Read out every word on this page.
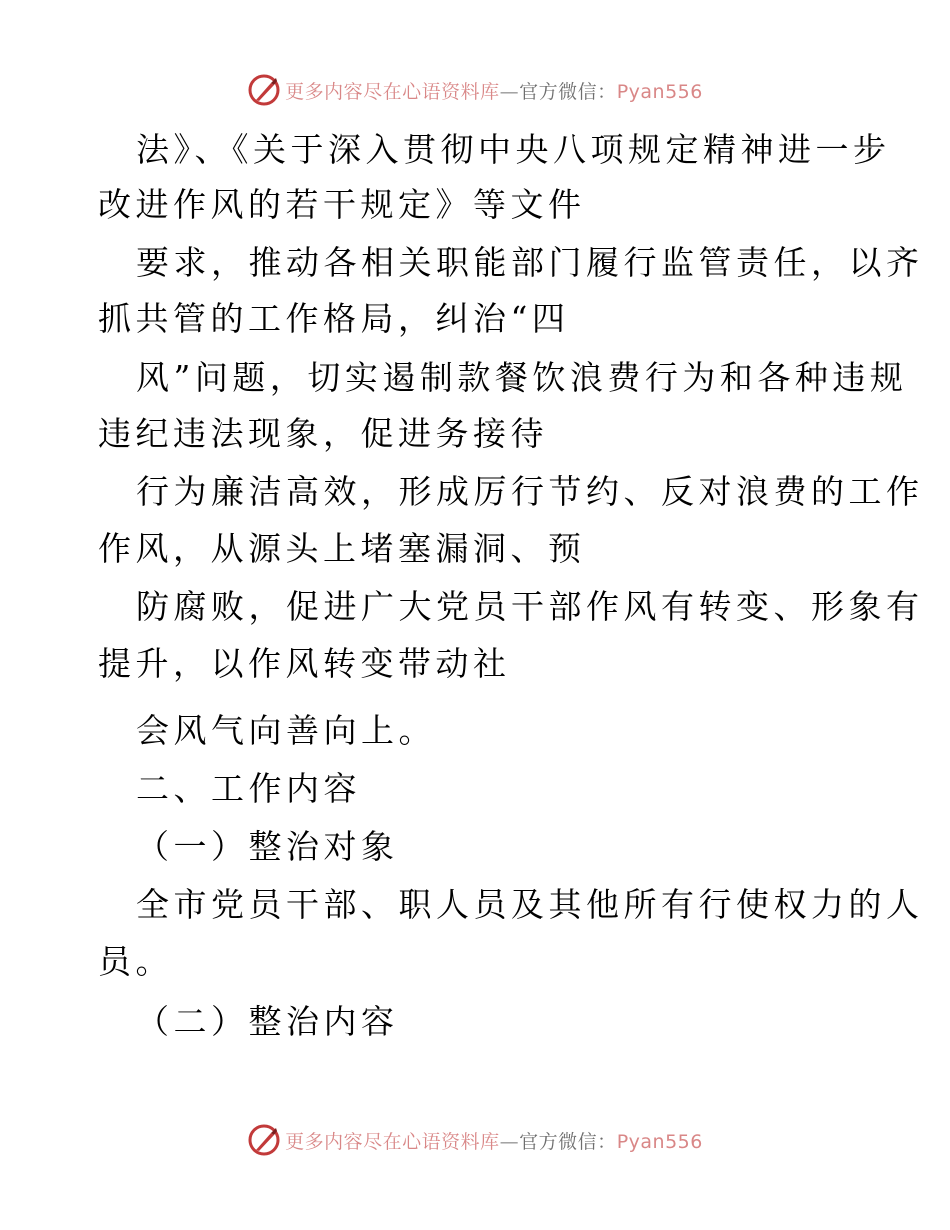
更多内容尽在心语资料库—官方微信：Pyan556
法》、《关于深入贯彻中央八项规定精神进一步
改进作风的若干规定》等文件
要求，推动各相关职能部门履行监管责任，以齐
抓共管的工作格局，纠治“四
风”问题，切实遏制款餐饮浪费行为和各种违规
违纪违法现象，促进务接待
行为廉洁高效，形成厉行节约、反对浪费的工作
作风，从源头上堵塞漏洞、预
防腐败，促进广大党员干部作风有转变、形象有
提升，以作风转变带动社
会风气向善向上。
二、工作内容
（一）整治对象
全市党员干部、职人员及其他所有行使权力的人
员。
（二）整治内容
更多内容尽在心语资料库—官方微信：Pyan556
